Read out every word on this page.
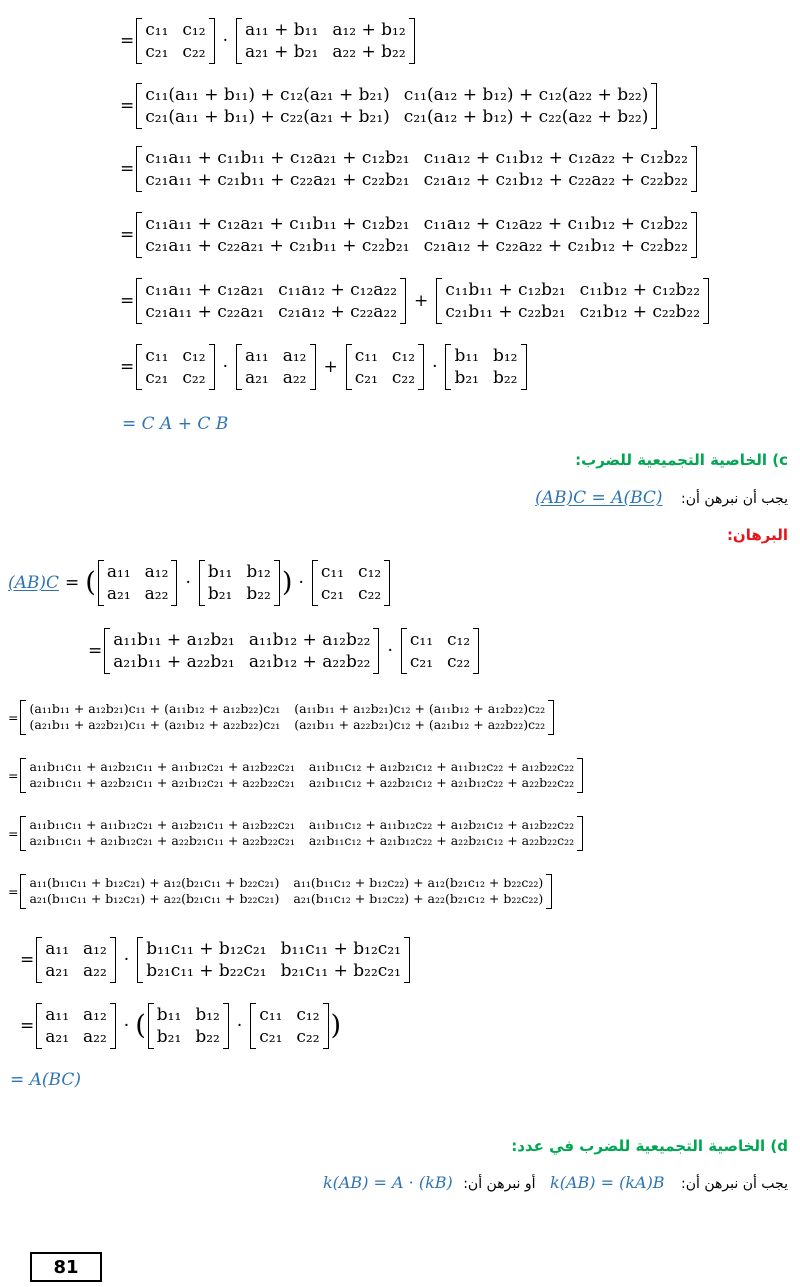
=
c₁₁
c₂₁
c₁₂
c₂₂
·
a₁₁ + b₁₁
a₂₁ + b₂₁
a₁₂ + b₁₂
a₂₂ + b₂₂
=
c₁₁(a₁₁ + b₁₁) + c₁₂(a₂₁ + b₂₁)
c₂₁(a₁₁ + b₁₁) + c₂₂(a₂₁ + b₂₁)
c₁₁(a₁₂ + b₁₂) + c₁₂(a₂₂ + b₂₂)
c₂₁(a₁₂ + b₁₂) + c₂₂(a₂₂ + b₂₂)
=
c₁₁a₁₁ + c₁₁b₁₁ + c₁₂a₂₁ + c₁₂b₂₁
c₂₁a₁₁ + c₂₁b₁₁ + c₂₂a₂₁ + c₂₂b₂₁
c₁₁a₁₂ + c₁₁b₁₂ + c₁₂a₂₂ + c₁₂b₂₂
c₂₁a₁₂ + c₂₁b₁₂ + c₂₂a₂₂ + c₂₂b₂₂
=
c₁₁a₁₁ + c₁₂a₂₁ + c₁₁b₁₁ + c₁₂b₂₁
c₂₁a₁₁ + c₂₂a₂₁ + c₂₁b₁₁ + c₂₂b₂₁
c₁₁a₁₂ + c₁₂a₂₂ + c₁₁b₁₂ + c₁₂b₂₂
c₂₁a₁₂ + c₂₂a₂₂ + c₂₁b₁₂ + c₂₂b₂₂
=
c₁₁a₁₁ + c₁₂a₂₁
c₂₁a₁₁ + c₂₂a₂₁
c₁₁a₁₂ + c₁₂a₂₂
c₂₁a₁₂ + c₂₂a₂₂
+
c₁₁b₁₁ + c₁₂b₂₁
c₂₁b₁₁ + c₂₂b₂₁
c₁₁b₁₂ + c₁₂b₂₂
c₂₁b₁₂ + c₂₂b₂₂
=
c₁₁
c₂₁
c₁₂
c₂₂
·
a₁₁
a₂₁
a₁₂
a₂₂
+
c₁₁
c₂₁
c₁₂
c₂₂
·
b₁₁
b₂₁
b₁₂
b₂₂
= C A + C B
c) الخاصية التجميعية للضرب:
يجب أن نبرهن أن: (AB)C = A(BC)
البرهان:
(AB)C = ( a₁₁
a₂₁
a₁₂
a₂₂
·
b₁₁
b₂₁
b₁₂
b₂₂ ) ·
c₁₁
c₂₁
c₁₂
c₂₂
=
a₁₁b₁₁ + a₁₂b₂₁
a₂₁b₁₁ + a₂₂b₂₁
a₁₁b₁₂ + a₁₂b₂₂
a₂₁b₁₂ + a₂₂b₂₂
·
c₁₁
c₂₁
c₁₂
c₂₂
=
(a₁₁b₁₁ + a₁₂b₂₁)c₁₁ + (a₁₁b₁₂ + a₁₂b₂₂)c₂₁
(a₂₁b₁₁ + a₂₂b₂₁)c₁₁ + (a₂₁b₁₂ + a₂₂b₂₂)c₂₁
(a₁₁b₁₁ + a₁₂b₂₁)c₁₂ + (a₁₁b₁₂ + a₁₂b₂₂)c₂₂
(a₂₁b₁₁ + a₂₂b₂₁)c₁₂ + (a₂₁b₁₂ + a₂₂b₂₂)c₂₂
=
a₁₁b₁₁c₁₁ + a₁₂b₂₁c₁₁ + a₁₁b₁₂c₂₁ + a₁₂b₂₂c₂₁
a₂₁b₁₁c₁₁ + a₂₂b₂₁c₁₁ + a₂₁b₁₂c₂₁ + a₂₂b₂₂c₂₁
a₁₁b₁₁c₁₂ + a₁₂b₂₁c₁₂ + a₁₁b₁₂c₂₂ + a₁₂b₂₂c₂₂
a₂₁b₁₁c₁₂ + a₂₂b₂₁c₁₂ + a₂₁b₁₂c₂₂ + a₂₂b₂₂c₂₂
=
a₁₁b₁₁c₁₁ + a₁₁b₁₂c₂₁ + a₁₂b₂₁c₁₁ + a₁₂b₂₂c₂₁
a₂₁b₁₁c₁₁ + a₂₁b₁₂c₂₁ + a₂₂b₂₁c₁₁ + a₂₂b₂₂c₂₁
a₁₁b₁₁c₁₂ + a₁₁b₁₂c₂₂ + a₁₂b₂₁c₁₂ + a₁₂b₂₂c₂₂
a₂₁b₁₁c₁₂ + a₂₁b₁₂c₂₂ + a₂₂b₂₁c₁₂ + a₂₂b₂₂c₂₂
=
a₁₁(b₁₁c₁₁ + b₁₂c₂₁) + a₁₂(b₂₁c₁₁ + b₂₂c₂₁)
a₂₁(b₁₁c₁₁ + b₁₂c₂₁) + a₂₂(b₂₁c₁₁ + b₂₂c₂₁)
a₁₁(b₁₁c₁₂ + b₁₂c₂₂) + a₁₂(b₂₁c₁₂ + b₂₂c₂₂)
a₂₁(b₁₁c₁₂ + b₁₂c₂₂) + a₂₂(b₂₁c₁₂ + b₂₂c₂₂)
=
a₁₁
a₂₁
a₁₂
a₂₂
·
b₁₁c₁₁ + b₁₂c₂₁
b₂₁c₁₁ + b₂₂c₂₁
b₁₁c₁₁ + b₁₂c₂₁
b₂₁c₁₁ + b₂₂c₂₁
=
a₁₁
a₂₁
a₁₂
a₂₂
· ( b₁₁
b₂₁
b₁₂
b₂₂
·
c₁₁
c₂₁
c₁₂
c₂₂ )
= A(BC)
d) الخاصية التجميعية للضرب في عدد:
يجب أن نبرهن أن: k(AB) = (kA)B أو نبرهن أن: k(AB) = A · (kB)
81
